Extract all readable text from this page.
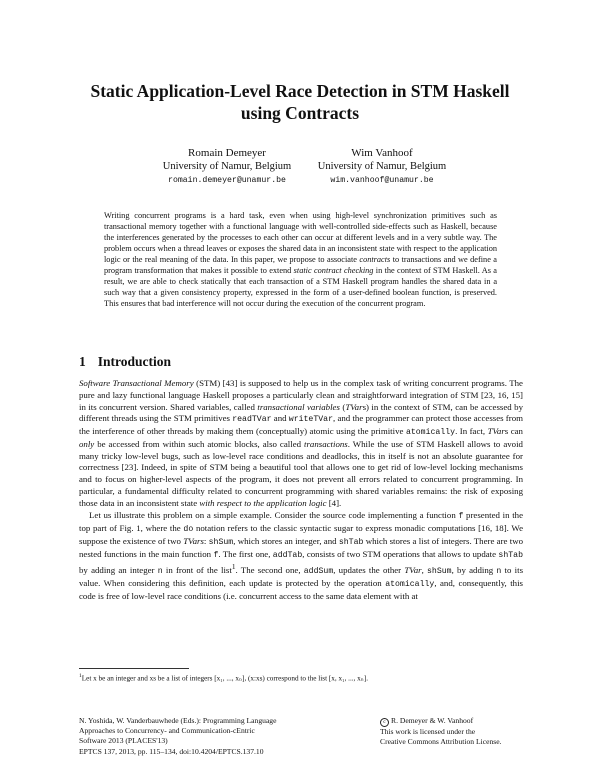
Static Application-Level Race Detection in STM Haskell
using Contracts
Romain Demeyer
University of Namur, Belgium
romain.demeyer@unamur.be
Wim Vanhoof
University of Namur, Belgium
wim.vanhoof@unamur.be
Writing concurrent programs is a hard task, even when using high-level synchronization primitives such as transactional memory together with a functional language with well-controlled side-effects such as Haskell, because the interferences generated by the processes to each other can occur at different levels and in a very subtle way. The problem occurs when a thread leaves or exposes the shared data in an inconsistent state with respect to the application logic or the real meaning of the data. In this paper, we propose to associate contracts to transactions and we define a program transformation that makes it possible to extend static contract checking in the context of STM Haskell. As a result, we are able to check statically that each transaction of a STM Haskell program handles the shared data in a such way that a given consistency property, expressed in the form of a user-defined boolean function, is preserved. This ensures that bad interference will not occur during the execution of the concurrent program.
1 Introduction

Software Transactional Memory (STM) [43] is supposed to help us in the complex task of writing concurrent programs. The pure and lazy functional language Haskell proposes a particularly clean and straightforward integration of STM [23, 16, 15] in its concurrent version. Shared variables, called transactional variables (TVars) in the context of STM, can be accessed by different threads using the STM primitives readTVar and writeTVar, and the programmer can protect those accesses from the interference of other threads by making them (conceptually) atomic using the primitive atomically. In fact, TVars can only be accessed from within such atomic blocks, also called transactions. While the use of STM Haskell allows to avoid many tricky low-level bugs, such as low-level race conditions and deadlocks, this in itself is not an absolute guarantee for correctness [23]. Indeed, in spite of STM being a beautiful tool that allows one to get rid of low-level locking mechanisms and to focus on higher-level aspects of the program, it does not prevent all errors related to concurrent programming. In particular, a fundamental difficulty related to concurrent programming with shared variables remains: the risk of exposing those data in an inconsistent state with respect to the application logic [4].

Let us illustrate this problem on a simple example. Consider the source code implementing a function f presented in the top part of Fig. 1, where the do notation refers to the classic syntactic sugar to express monadic computations [16, 18]. We suppose the existence of two TVars: shSum, which stores an integer, and shTab which stores a list of integers. There are two nested functions in the main function f. The first one, addTab, consists of two STM operations that allows to update shTab by adding an integer n in front of the list$^1$. The second one, addSum, updates the other TVar, shSum, by adding n to its value. When considering this definition, each update is protected by the operation atomically, and, consequently, this code is free of low-level race conditions (i.e. concurrent access to the same data element with at

$^1$Let x be an integer and xs be a list of integers [x₁, ..., xₙ], (x:xs) correspond to the list [x, x₁, ..., xₙ].
N. Yoshida, W. Vanderbauwhede (Eds.): Programming Language
Approaches to Concurrency- and Communication-cEntric
Software 2013 (PLACES'13)
EPTCS 137, 2013, pp. 115–134, doi:10.4204/EPTCS.137.10
c R. Demeyer & W. Vanhoof
This work is licensed under the
Creative Commons Attribution License.
